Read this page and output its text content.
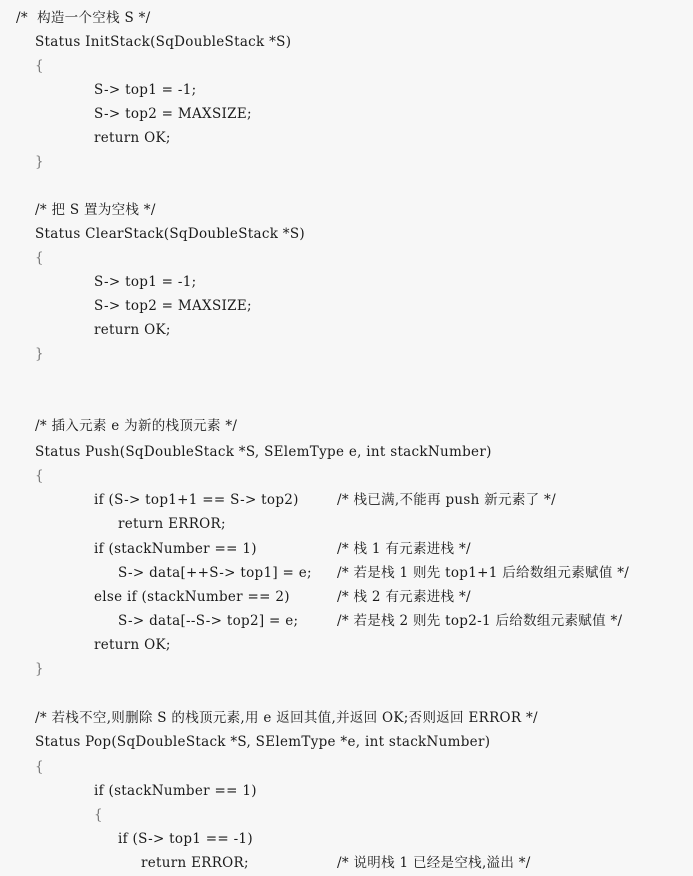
/*  构造一个空栈 S */
Status InitStack(SqDoubleStack *S)
{
S-> top1 = -1;
S-> top2 = MAXSIZE;
return OK;
}
/* 把 S 置为空栈 */
Status ClearStack(SqDoubleStack *S)
{
S-> top1 = -1;
S-> top2 = MAXSIZE;
return OK;
}
/* 插入元素 e 为新的栈顶元素 */
Status Push(SqDoubleStack *S, SElemType e, int stackNumber)
{
if (S-> top1+1 == S-> top2)	/* 栈已满,不能再 push 新元素了 */
return ERROR;
if (stackNumber == 1)	/* 栈 1 有元素进栈 */
S-> data[++S-> top1] = e; /* 若是栈 1 则先 top1+1 后给数组元素赋值 */
else if (stackNumber == 2)	/* 栈 2 有元素进栈 */
S-> data[--S-> top2] = e;	/* 若是栈 2 则先 top2-1 后给数组元素赋值 */
return OK;
}
/* 若栈不空,则删除 S 的栈顶元素,用 e 返回其值,并返回 OK;否则返回 ERROR */
Status Pop(SqDoubleStack *S, SElemType *e, int stackNumber)
{
if (stackNumber == 1)
{
if (S-> top1 == -1)
return ERROR;	/* 说明栈 1 已经是空栈,溢出 */
